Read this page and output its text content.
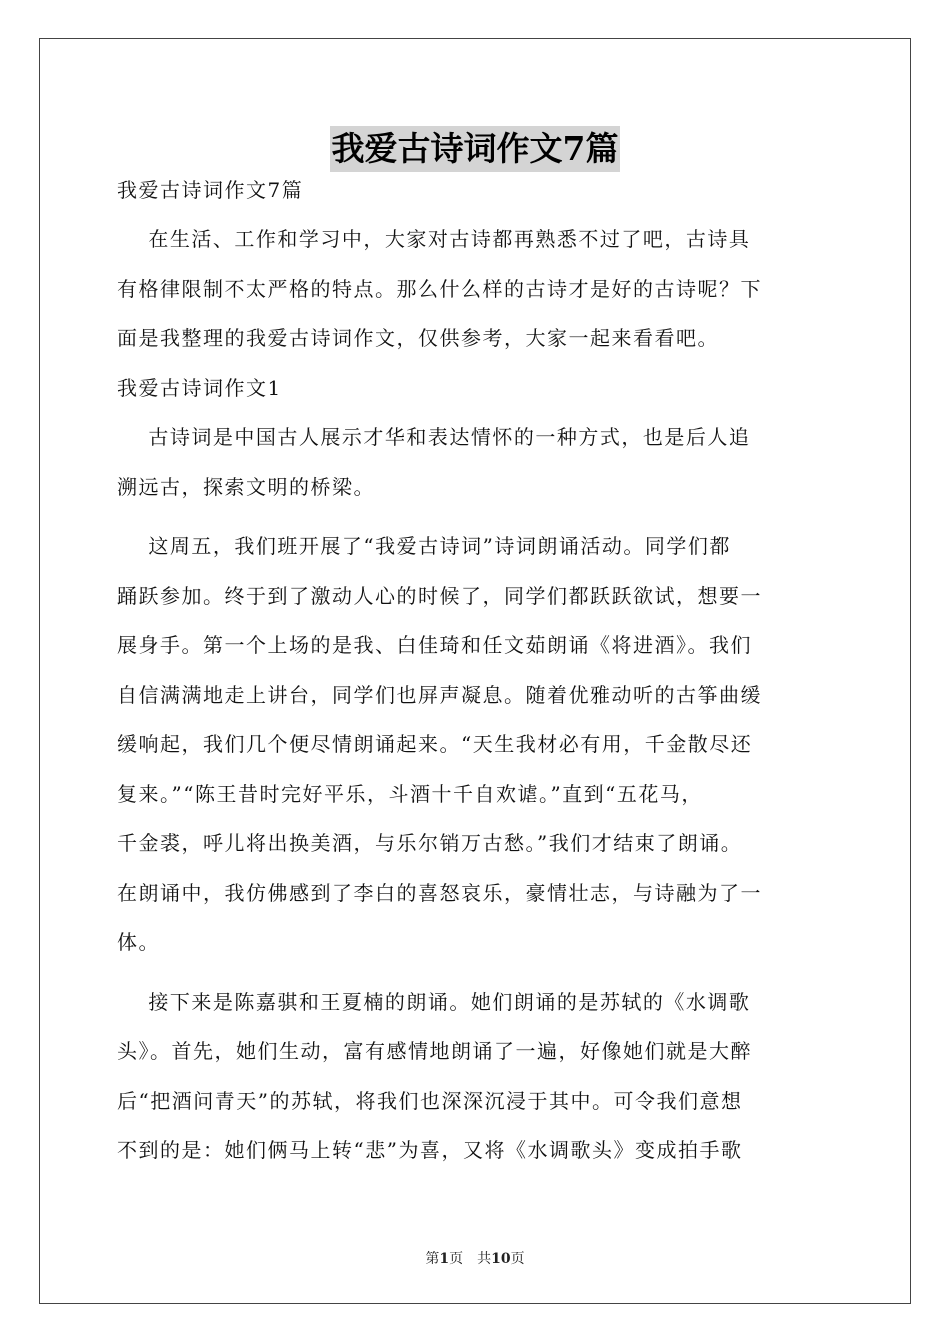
我爱古诗词作文7篇
我爱古诗词作文7篇
在生活、工作和学习中，大家对古诗都再熟悉不过了吧，古诗具
有格律限制不太严格的特点。那么什么样的古诗才是好的古诗呢？下
面是我整理的我爱古诗词作文，仅供参考，大家一起来看看吧。
我爱古诗词作文1
古诗词是中国古人展示才华和表达情怀的一种方式，也是后人追
溯远古，探索文明的桥梁。
这周五，我们班开展了“我爱古诗词”诗词朗诵活动。同学们都
踊跃参加。终于到了激动人心的时候了，同学们都跃跃欲试，想要一
展身手。第一个上场的是我、白佳琦和任文茹朗诵《将进酒》。我们
自信满满地走上讲台，同学们也屏声凝息。随着优雅动听的古筝曲缓
缓响起，我们几个便尽情朗诵起来。“天生我材必有用，千金散尽还
复来。”“陈王昔时完好平乐，斗酒十千自欢谑。”直到“五花马，
千金裘，呼儿将出换美酒，与乐尔销万古愁。”我们才结束了朗诵。
在朗诵中，我仿佛感到了李白的喜怒哀乐，豪情壮志，与诗融为了一
体。
接下来是陈嘉骐和王夏楠的朗诵。她们朗诵的是苏轼的《水调歌
头》。首先，她们生动，富有感情地朗诵了一遍，好像她们就是大醉
后“把酒问青天”的苏轼，将我们也深深沉浸于其中。可令我们意想
不到的是：她们俩马上转“悲”为喜，又将《水调歌头》变成拍手歌
第1页　共10页
